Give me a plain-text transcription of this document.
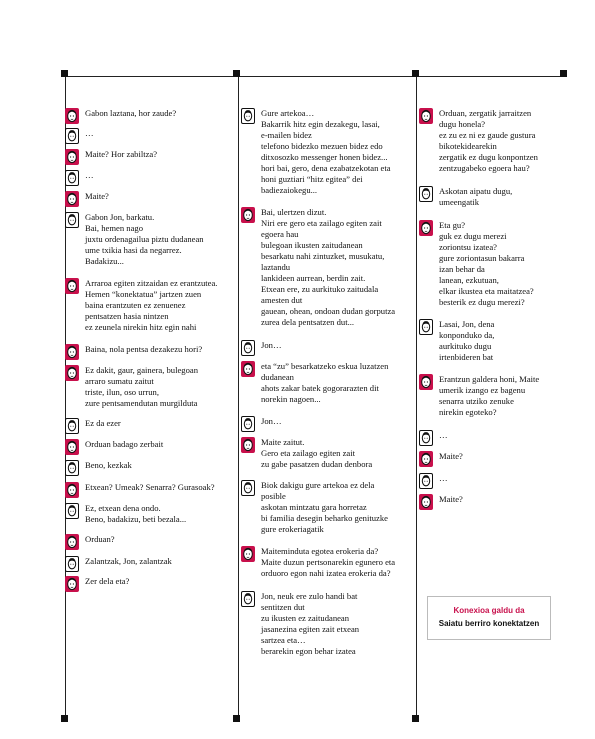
Gabon laztana, hor zaude?
…
Maite? Hor zabiltza?
…
Maite?
Gabon Jon, barkatu.
Bai, hemen nago
juxtu ordenagailua piztu dudanean
ume txikia hasi da negarrez.
Badakizu...
Arraroa egiten zitzaidan ez erantzutea.
Hemen “konektatua” jartzen zuen
baina erantzuten ez zenuenez
pentsatzen hasia nintzen
ez zeunela nirekin hitz egin nahi
Baina, nola pentsa dezakezu hori?
Ez dakit, gaur, gainera, bulegoan
arraro sumatu zaitut
triste, ilun, oso urrun,
zure pentsamendutan murgilduta
Ez da ezer
Orduan badago zerbait
Beno, kezkak
Etxean? Umeak? Senarra? Gurasoak?
Ez, etxean dena ondo.
Beno, badakizu, beti bezala...
Orduan?
Zalantzak, Jon, zalantzak
Zer dela eta?
Gure artekoa…
Bakarrik hitz egin dezakegu, lasai,
e-mailen bidez
telefono bidezko mezuen bidez edo
ditxosozko messenger honen bidez...
hori bai, gero, dena ezabatzekotan eta
honi guztiari “hitz egitea” dei
badiezaiokegu...
Bai, ulertzen dizut.
Niri ere gero eta zailago egiten zait
egoera hau
bulegoan ikusten zaitudanean
besarkatu nahi zintuzket, musukatu,
laztandu
lankideen aurrean, berdin zait.
Etxean ere, zu aurkituko zaitudala
amesten dut
gauean, ohean, ondoan dudan gorputza
zurea dela pentsatzen dut...
Jon…
eta “zu” besarkatzeko eskua luzatzen
dudanean
ahots zakar batek gogorarazten dit
norekin nagoen...
Jon…
Maite zaitut.
Gero eta zailago egiten zait
zu gabe pasatzen dudan denbora
Biok dakigu gure artekoa ez dela
posible
askotan mintzatu gara horretaz
bi familia desegin beharko genituzke
gure erokeriagatik
Maiteminduta egotea erokeria da?
Maite duzun pertsonarekin egunero eta
orduoro egon nahi izatea erokeria da?
Jon, neuk ere zulo handi bat
sentitzen dut
zu ikusten ez zaitudanean
jasanezina egiten zait etxean
sartzea eta…
berarekin egon behar izatea
Orduan, zergatik jarraitzen
dugu honela?
ez zu ez ni ez gaude gustura
bikotekidearekin
zergatik ez dugu konpontzen
zentzugabeko egoera hau?
Askotan aipatu dugu,
umeengatik
Eta gu?
guk ez dugu merezi
zoriontsu izatea?
gure zoriontasun bakarra
izan behar da
lanean, ezkutuan,
elkar ikustea eta maitatzea?
besterik ez dugu merezi?
Lasai, Jon, dena
konponduko da,
aurkituko dugu
irtenbideren bat
Erantzun galdera honi, Maite
umerik izango ez bagenu
senarra utziko zenuke
nirekin egoteko?
…
Maite?
…
Maite?
Konexioa galdu da
Saiatu berriro konektatzen
